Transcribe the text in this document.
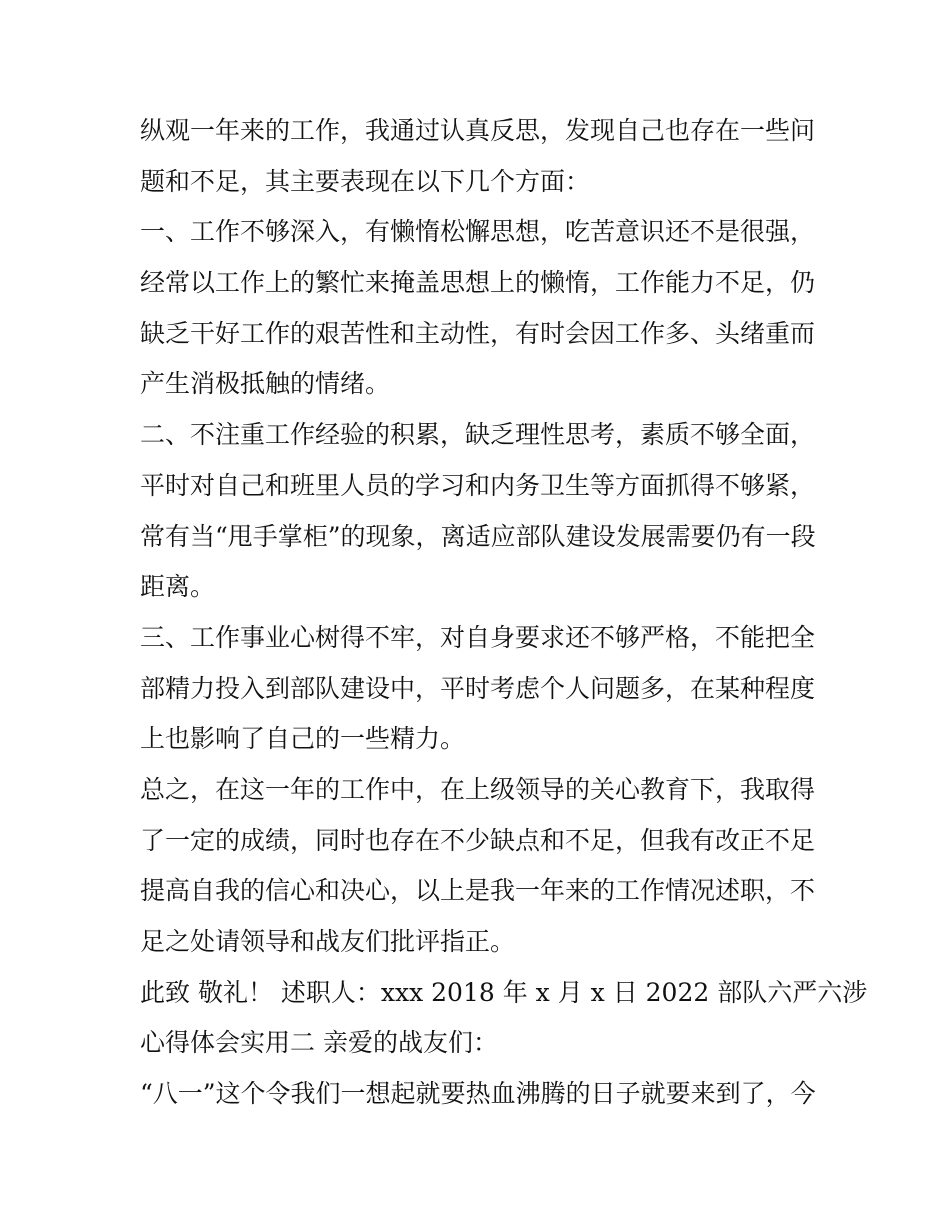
纵观一年来的工作，我通过认真反思，发现自己也存在一些问
题和不足，其主要表现在以下几个方面：
一、工作不够深入，有懒惰松懈思想，吃苦意识还不是很强，
经常以工作上的繁忙来掩盖思想上的懒惰，工作能力不足，仍
缺乏干好工作的艰苦性和主动性，有时会因工作多、头绪重而
产生消极抵触的情绪。
二、不注重工作经验的积累，缺乏理性思考，素质不够全面，
平时对自己和班里人员的学习和内务卫生等方面抓得不够紧，
常有当“甩手掌柜”的现象，离适应部队建设发展需要仍有一段
距离。
三、工作事业心树得不牢，对自身要求还不够严格，不能把全
部精力投入到部队建设中，平时考虑个人问题多，在某种程度
上也影响了自己的一些精力。
总之，在这一年的工作中，在上级领导的关心教育下，我取得
了一定的成绩，同时也存在不少缺点和不足，但我有改正不足
提高自我的信心和决心，以上是我一年来的工作情况述职，不
足之处请领导和战友们批评指正。
此致 敬礼！ 述职人：xxx 2018 年 x 月 x 日 2022 部队六严六涉
心得体会实用二 亲爱的战友们：
“八一”这个令我们一想起就要热血沸腾的日子就要来到了，今
